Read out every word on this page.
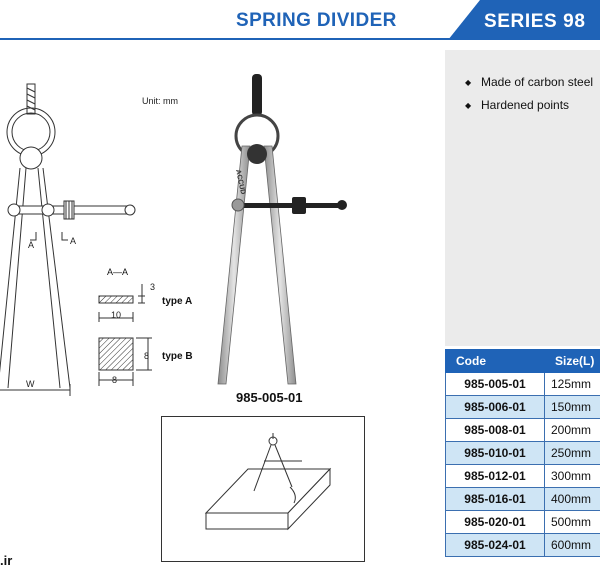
SPRING DIVIDER	SERIES 98
A	A
W
10
3
8
8
A—A
type A
type B
Unit: mm
ACCUD
985-005-01
◆ Made of carbon steel
◆ Hardened points
Code	Size(L)
985-005-01	125mm
985-006-01	150mm
985-008-01	200mm
985-010-01	250mm
985-012-01	300mm
985-016-01	400mm
985-020-01	500mm
985-024-01	600mm
.ir
